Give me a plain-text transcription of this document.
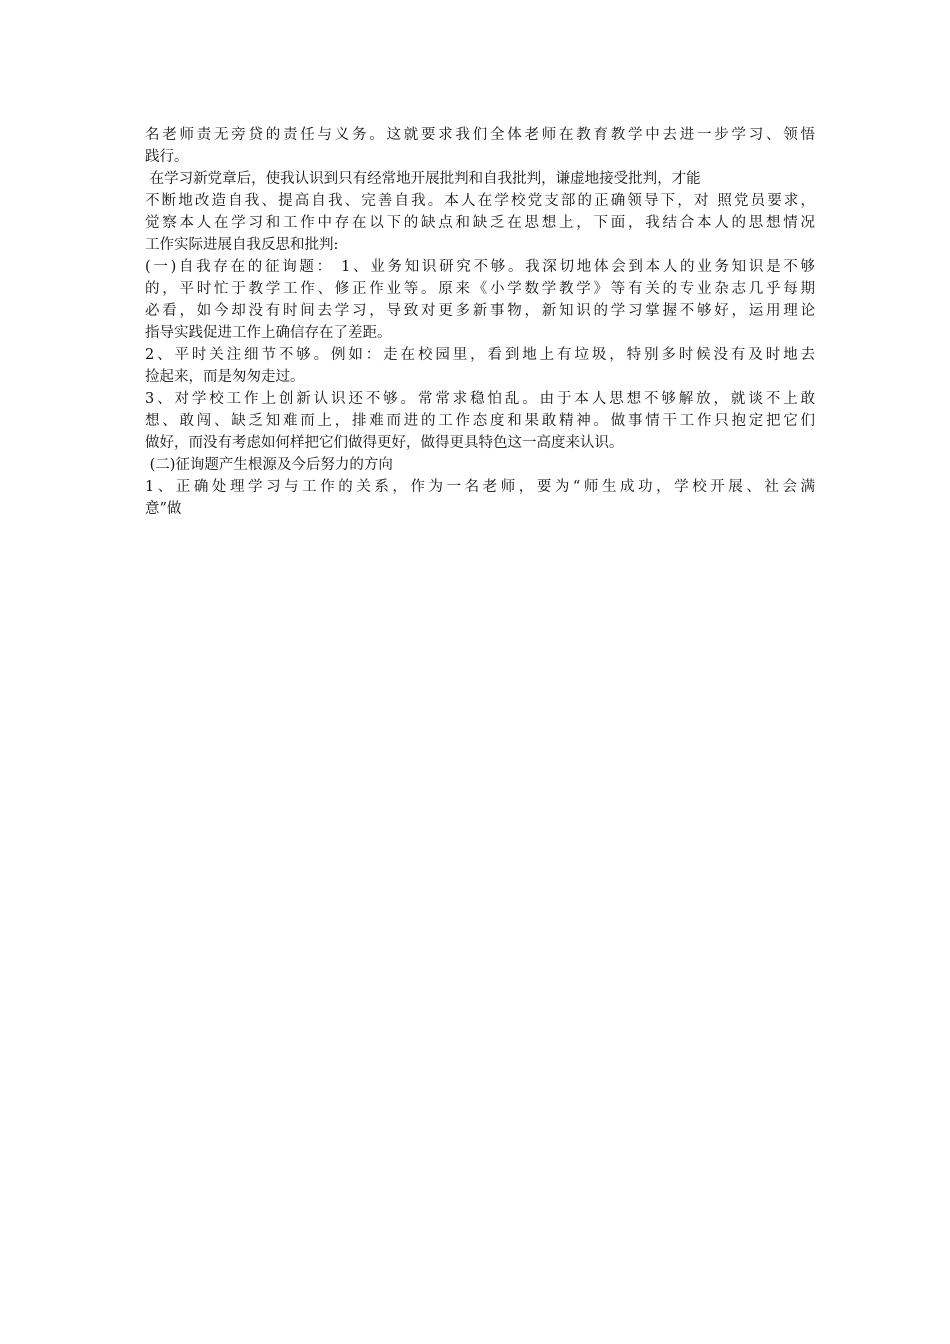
名老师责无旁贷的责任与义务。这就要求我们全体老师在教育教学中去进一步学习、领悟
践行。
在学习新党章后，使我认识到只有经常地开展批判和自我批判，谦虚地接受批判，才能
不断地改造自我、提高自我、完善自我。本人在学校党支部的正确领导下，对 照党员要求，
觉察本人在学习和工作中存在以下的缺点和缺乏在思想上，下面，我结合本人的思想情况
工作实际进展自我反思和批判:
(一)自我存在的征询题： 1、业务知识研究不够。我深切地体会到本人的业务知识是不够
的，平时忙于教学工作、修正作业等。原来《小学数学教学》等有关的专业杂志几乎每期
必看，如今却没有时间去学习，导致对更多新事物，新知识的学习掌握不够好，运用理论
指导实践促进工作上确信存在了差距。
2、平时关注细节不够。例如：走在校园里，看到地上有垃圾，特别多时候没有及时地去
捡起来，而是匆匆走过。
3、对学校工作上创新认识还不够。常常求稳怕乱。由于本人思想不够解放，就谈不上敢
想、敢闯、缺乏知难而上，排难而进的工作态度和果敢精神。做事情干工作只抱定把它们
做好，而没有考虑如何样把它们做得更好，做得更具特色这一高度来认识。
(二)征询题产生根源及今后努力的方向
1、正确处理学习与工作的关系，作为一名老师，要为“师生成功，学校开展、社会满
意”做
